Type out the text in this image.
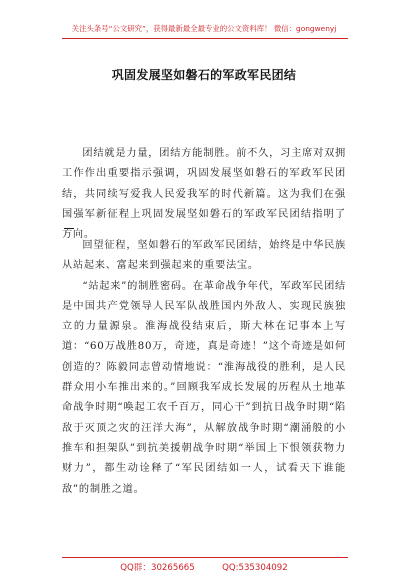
关注头条号“公文研究”，获得最新最全最专业的公文资料库！ 微信：gongwenyj
巩固发展坚如磐石的军政军民团结

团结就是力量，团结方能制胜。前不久，习主席对双拥工作作出重要指示强调，巩固发展坚如磐石的军政军民团结，共同续写爱我人民爱我军的时代新篇。这为我们在强国强军新征程上巩固发展坚如磐石的军政军民团结指明了方向。

回望征程，坚如磐石的军政军民团结，始终是中华民族从站起来、富起来到强起来的重要法宝。

“站起来”的制胜密码。在革命战争年代，军政军民团结是中国共产党领导人民军队战胜国内外敌人、实现民族独立的力量源泉。淮海战役结束后，斯大林在记事本上写道：“60万战胜80万，奇迹，真是奇迹！”这个奇迹是如何创造的？陈毅同志曾动情地说：“淮海战役的胜利，是人民群众用小车推出来的。”回顾我军成长发展的历程从土地革命战争时期“唤起工农千百万，同心干”到抗日战争时期“陷敌于灭顶之灾的汪洋大海”，从解放战争时期“潮涌般的小推车和担架队”到抗美援朝战争时期“举国上下恨领获物力财力”，都生动诠释了“军民团结如一人，试看天下谁能敌”的制胜之道。

QQ群：30265665	QQ:535304092
